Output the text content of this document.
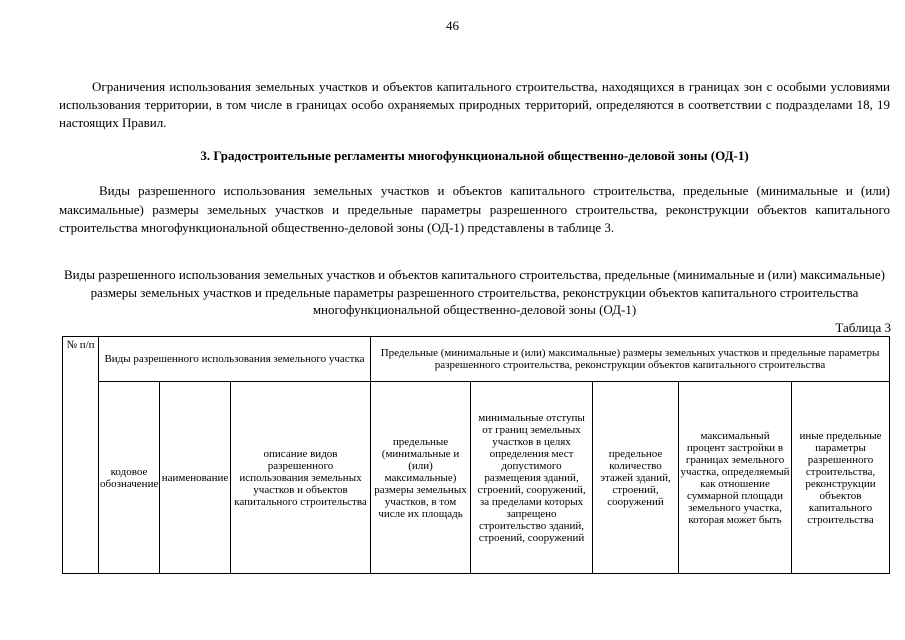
46

Ограничения использования земельных участков и объектов капитального строительства, находящихся в границах зон с особыми условиями использования территории, в том числе в границах особо охраняемых природных территорий, определяются в соответствии с подразделами 18, 19 настоящих Правил.

3. Градостроительные регламенты многофункциональной общественно-деловой зоны (ОД-1)

Виды разрешенного использования земельных участков и объектов капитального строительства, предельные (минимальные и (или) максимальные) размеры земельных участков и предельные параметры разрешенного строительства, реконструкции объектов капитального строительства многофункциональной общественно-деловой зоны (ОД-1) представлены в таблице 3.

Виды разрешенного использования земельных участков и объектов капитального строительства, предельные (минимальные и (или) максимальные) размеры земельных участков и предельные параметры разрешенного строительства, реконструкции объектов капитального строительства многофункциональной общественно-деловой зоны (ОД-1)
Таблица 3
№ п/п	Виды разрешенного использования земельного участка			Предельные (минимальные и (или) максимальные) размеры земельных участков и предельные параметры разрешенного строительства, реконструкции объектов капитального строительства				
	кодовое обозначение	наименование	описание видов разрешенного использования земельных участков и объектов капитального строительства	предельные (минимальные и (или) максимальные) размеры земельных участков, в том числе их площадь	минимальные отступы от границ земельных участков в целях определения мест допустимого размещения зданий, строений, сооружений, за пределами которых запрещено строительство зданий, строений, сооружений	предельное количество этажей зданий, строений, сооружений	максимальный процент застройки в границах земельного участка, определяемый как отношение суммарной площади земельного участка, которая может быть	иные предельные параметры разрешенного строительства, реконструкции объектов капитального строительства
